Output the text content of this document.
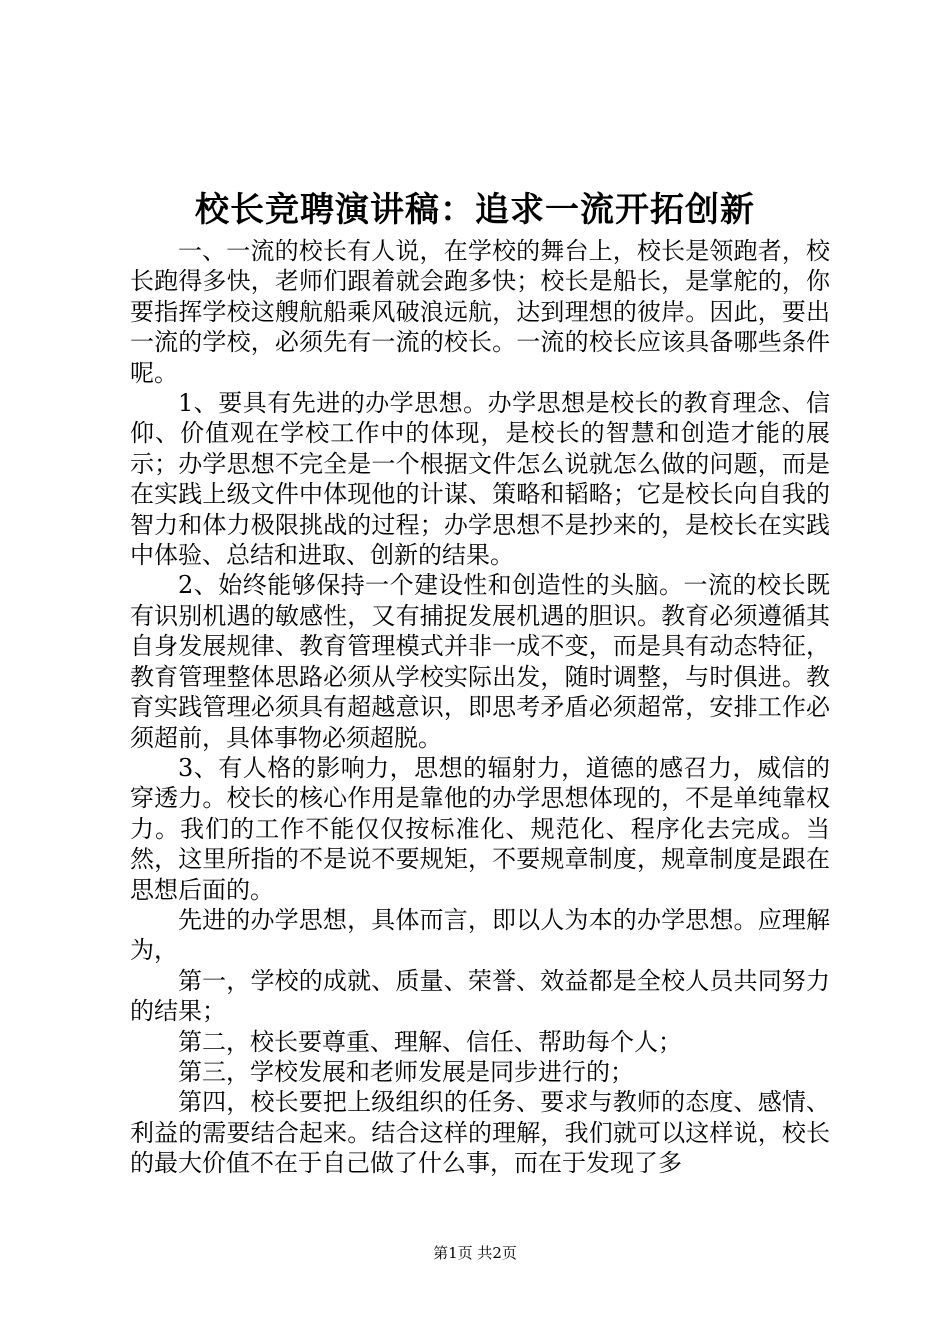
校长竞聘演讲稿：追求一流开拓创新

一、一流的校长有人说，在学校的舞台上，校长是领跑者，校长跑得多快，老师们跟着就会跑多快；校长是船长，是掌舵的，你要指挥学校这艘航船乘风破浪远航，达到理想的彼岸。因此，要出一流的学校，必须先有一流的校长。一流的校长应该具备哪些条件呢。

1、要具有先进的办学思想。办学思想是校长的教育理念、信仰、价值观在学校工作中的体现，是校长的智慧和创造才能的展示；办学思想不完全是一个根据文件怎么说就怎么做的问题，而是在实践上级文件中体现他的计谋、策略和韬略；它是校长向自我的智力和体力极限挑战的过程；办学思想不是抄来的，是校长在实践中体验、总结和进取、创新的结果。

2、始终能够保持一个建设性和创造性的头脑。一流的校长既有识别机遇的敏感性，又有捕捉发展机遇的胆识。教育必须遵循其自身发展规律、教育管理模式并非一成不变，而是具有动态特征，教育管理整体思路必须从学校实际出发，随时调整，与时俱进。教育实践管理必须具有超越意识，即思考矛盾必须超常，安排工作必须超前，具体事物必须超脱。

3、有人格的影响力，思想的辐射力，道德的感召力，威信的穿透力。校长的核心作用是靠他的办学思想体现的，不是单纯靠权力。我们的工作不能仅仅按标准化、规范化、程序化去完成。当然，这里所指的不是说不要规矩，不要规章制度，规章制度是跟在思想后面的。

先进的办学思想，具体而言，即以人为本的办学思想。应理解为，

第一，学校的成就、质量、荣誉、效益都是全校人员共同努力的结果；

第二，校长要尊重、理解、信任、帮助每个人；

第三，学校发展和老师发展是同步进行的；

第四，校长要把上级组织的任务、要求与教师的态度、感情、利益的需要结合起来。结合这样的理解，我们就可以这样说，校长的最大价值不在于自己做了什么事，而在于发现了多

第1页 共2页
